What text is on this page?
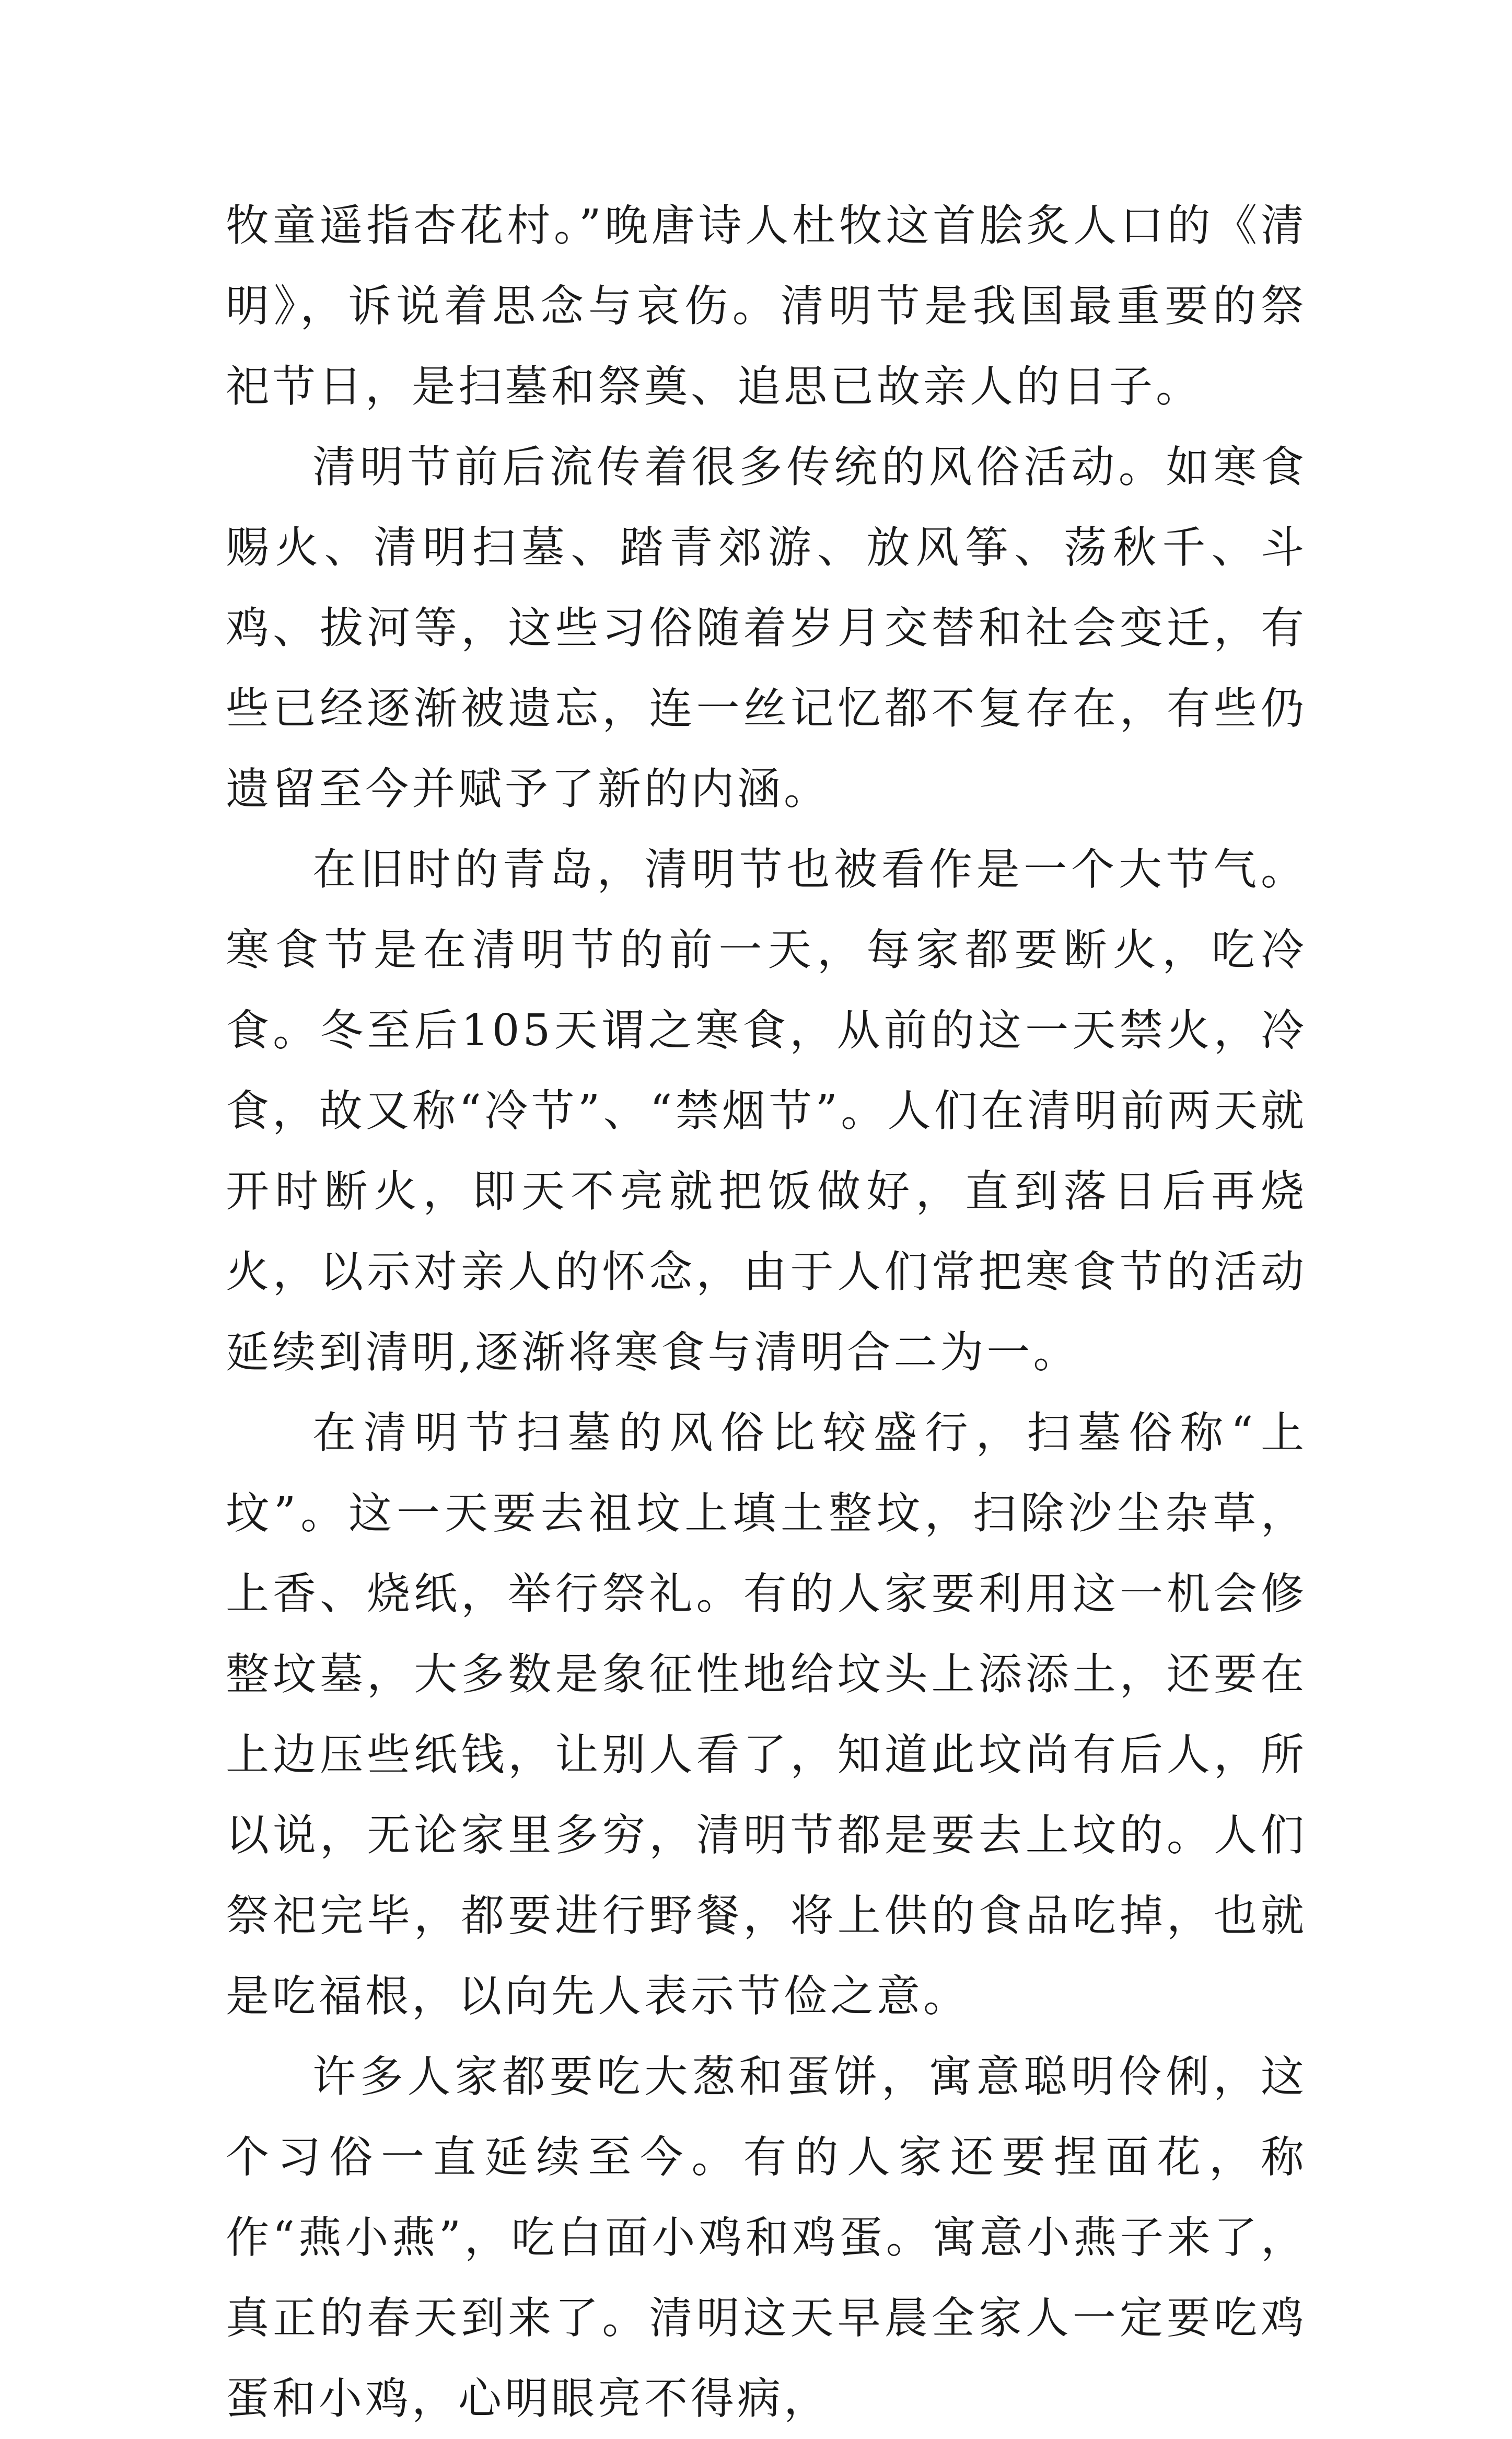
牧童遥指杏花村。”晚唐诗人杜牧这首脍炙人口的《清明》，诉说着思念与哀伤。清明节是我国最重要的祭祀节日，是扫墓和祭奠、追思已故亲人的日子。

清明节前后流传着很多传统的风俗活动。如寒食赐火、清明扫墓、踏青郊游、放风筝、荡秋千、斗鸡、拔河等，这些习俗随着岁月交替和社会变迁，有些已经逐渐被遗忘，连一丝记忆都不复存在，有些仍遗留至今并赋予了新的内涵。

在旧时的青岛，清明节也被看作是一个大节气。寒食节是在清明节的前一天，每家都要断火，吃冷食。冬至后105天谓之寒食，从前的这一天禁火，冷食，故又称“冷节”、“禁烟节”。人们在清明前两天就开时断火，即天不亮就把饭做好，直到落日后再烧火，以示对亲人的怀念，由于人们常把寒食节的活动延续到清明,逐渐将寒食与清明合二为一。

在清明节扫墓的风俗比较盛行，扫墓俗称“上坟”。这一天要去祖坟上填土整坟，扫除沙尘杂草，上香、烧纸，举行祭礼。有的人家要利用这一机会修整坟墓，大多数是象征性地给坟头上添添土，还要在上边压些纸钱，让别人看了，知道此坟尚有后人，所以说，无论家里多穷，清明节都是要去上坟的。人们祭祀完毕，都要进行野餐，将上供的食品吃掉，也就是吃福根，以向先人表示节俭之意。

许多人家都要吃大葱和蛋饼，寓意聪明伶俐，这个习俗一直延续至今。有的人家还要捏面花，称作“燕小燕”，吃白面小鸡和鸡蛋。寓意小燕子来了，真正的春天到来了。清明这天早晨全家人一定要吃鸡蛋和小鸡，心明眼亮不得病，
